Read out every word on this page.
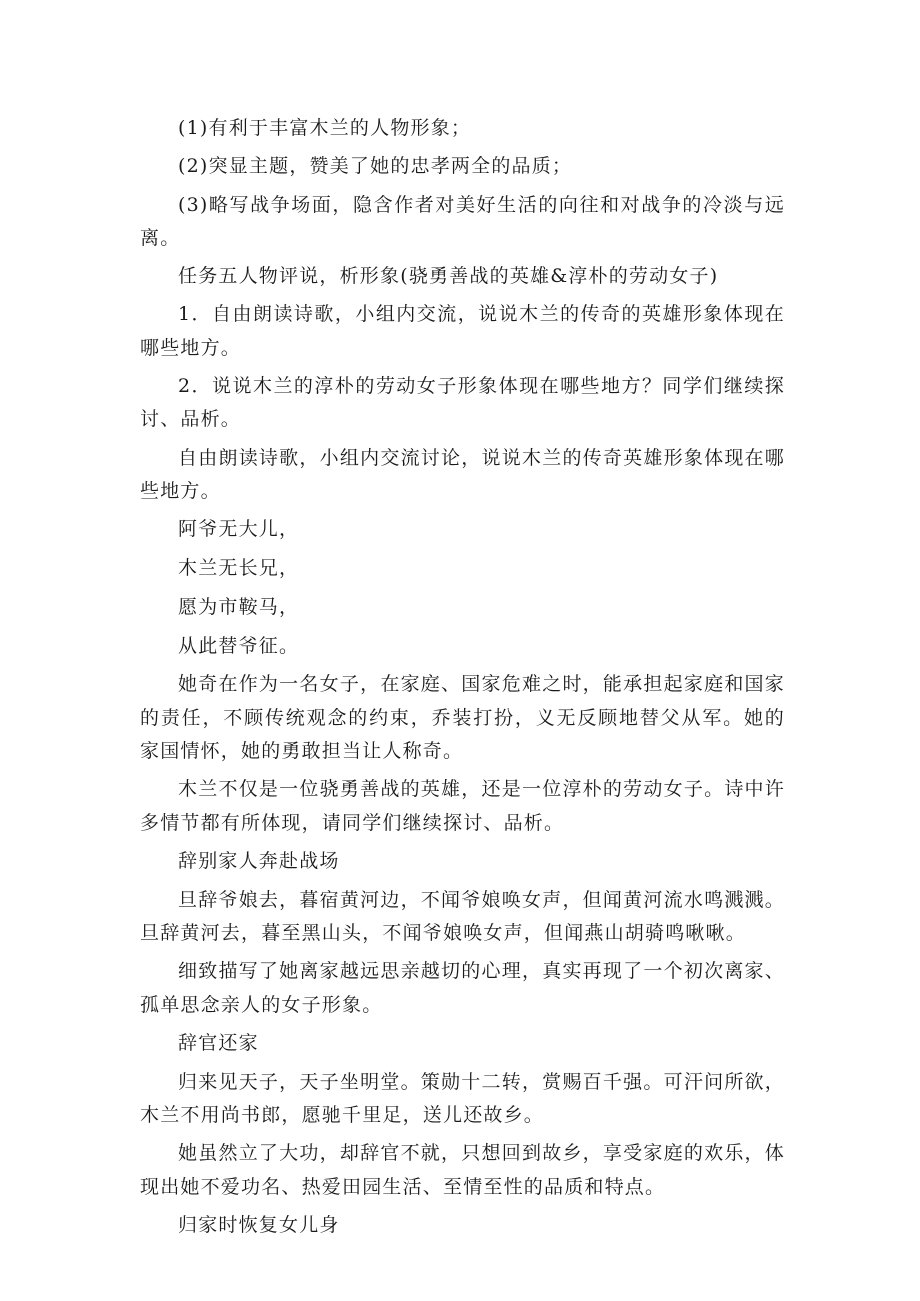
(1)有利于丰富木兰的人物形象；

(2)突显主题，赞美了她的忠孝两全的品质；

(3)略写战争场面，隐含作者对美好生活的向往和对战争的冷淡与远离。

任务五人物评说，析形象(骁勇善战的英雄&淳朴的劳动女子)

1．自由朗读诗歌，小组内交流，说说木兰的传奇的英雄形象体现在哪些地方。

2．说说木兰的淳朴的劳动女子形象体现在哪些地方？同学们继续探讨、品析。

自由朗读诗歌，小组内交流讨论，说说木兰的传奇英雄形象体现在哪些地方。

阿爷无大儿，

木兰无长兄，

愿为市鞍马，

从此替爷征。

她奇在作为一名女子，在家庭、国家危难之时，能承担起家庭和国家的责任，不顾传统观念的约束，乔装打扮，义无反顾地替父从军。她的家国情怀，她的勇敢担当让人称奇。

木兰不仅是一位骁勇善战的英雄，还是一位淳朴的劳动女子。诗中许多情节都有所体现，请同学们继续探讨、品析。

辞别家人奔赴战场

旦辞爷娘去，暮宿黄河边，不闻爷娘唤女声，但闻黄河流水鸣溅溅。旦辞黄河去，暮至黑山头，不闻爷娘唤女声，但闻燕山胡骑鸣啾啾。

细致描写了她离家越远思亲越切的心理，真实再现了一个初次离家、孤单思念亲人的女子形象。

辞官还家

归来见天子，天子坐明堂。策勋十二转，赏赐百千强。可汗问所欲，木兰不用尚书郎，愿驰千里足，送儿还故乡。

她虽然立了大功，却辞官不就，只想回到故乡，享受家庭的欢乐，体现出她不爱功名、热爱田园生活、至情至性的品质和特点。

归家时恢复女儿身
